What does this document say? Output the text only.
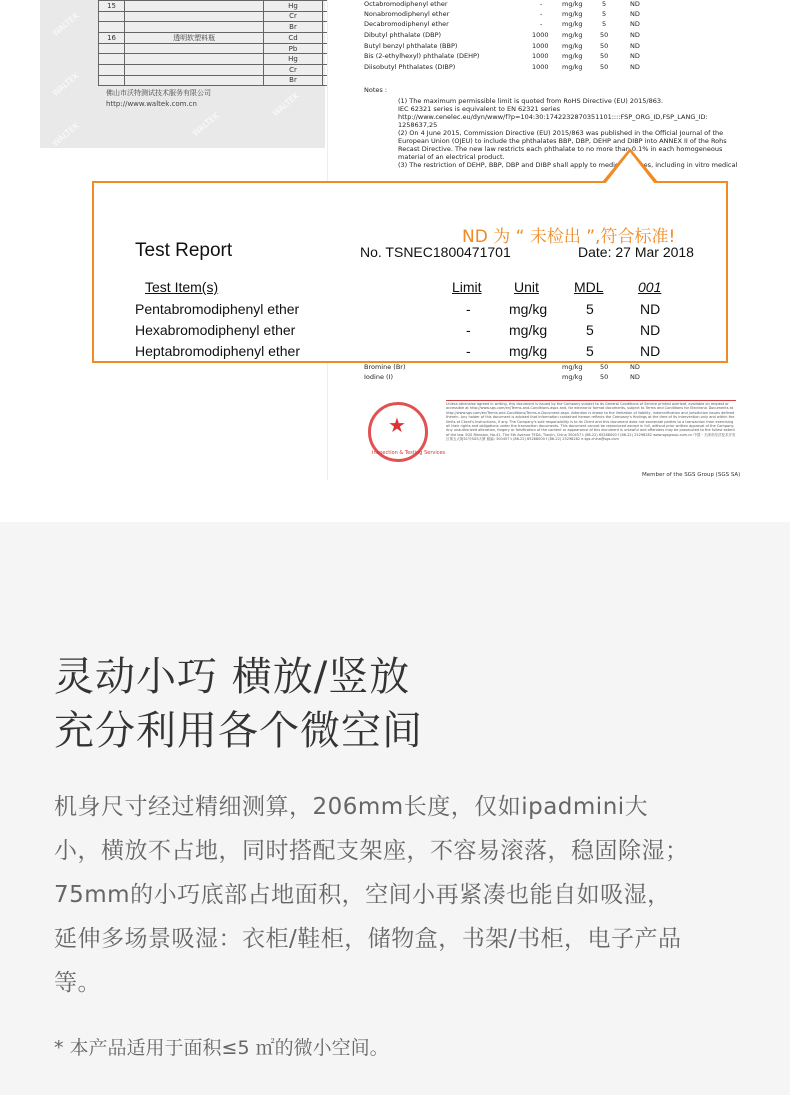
WALTEK
WALTEK
WALTEK	WALTEK
WALTEK
15		Hg	
		Cr	
		Br	
16	透明软塑料瓶	Cd	
		Pb	
		Hg	
		Cr	
		Br	
佛山市沃特测试技术服务有限公司
http://www.waltek.com.cn
Octabromodiphenyl ether	-	mg/kg	5	ND
Nonabromodiphenyl ether	-	mg/kg	5	ND
Decabromodiphenyl ether	-	mg/kg	5	ND
Dibutyl phthalate (DBP)	1000 mg/kg	50	ND
Butyl benzyl phthalate (BBP)	1000 mg/kg	50	ND
Bis (2-ethylhexyl) phthalate (DEHP)	1000 mg/kg	50	ND
Diisobutyl Phthalates (DIBP)	1000 mg/kg	50	ND
Notes :
(1) The maximum permissible limit is quoted from RoHS Directive (EU) 2015/863.
IEC 62321 series is equivalent to EN 62321 series
http://www.cenelec.eu/dyn/www/f?p=104:30:1742232870351101::::FSP_ORG_ID,FSP_LANG_ID:
1258637,25
(2) On 4 June 2015, Commission Directive (EU) 2015/863 was published in the Official Journal of the
European Union (OJEU) to include the phthalates BBP, DBP, DEHP and DIBP into ANNEX II of the Rohs
Recast Directive. The new law restricts each phthalate to no more than 0.1% in each homogeneous
material of an electrical product.
(3) The restriction of DEHP, BBP, DBP and DIBP shall apply to medical devices, including in vitro medical
Bromine (Br)	mg/kg	50	ND
Iodine (I)	mg/kg	50	ND
★
Inspection & Testing Services
Unless otherwise agreed in writing, this document is issued by the Company subject to its General Conditions of Service printed overleaf, available on request or accessible at http://www.sgs.com/en/Terms-and-Conditions.aspx and, for electronic format documents, subject to Terms and Conditions for Electronic Documents at http://www.sgs.com/en/Terms-and-Conditions/Terms-e-Document.aspx. Attention is drawn to the limitation of liability, indemnification and jurisdiction issues defined therein. Any holder of this document is advised that information contained hereon reflects the Company's findings at the time of its intervention only and within the limits of Client's instructions, if any. The Company's sole responsibility is to its Client and this document does not exonerate parties to a transaction from exercising all their rights and obligations under the transaction documents. This document cannot be reproduced except in full, without prior written approval of the Company. Any unauthorized alteration, forgery or falsification of the content or appearance of this document is unlawful and offenders may be prosecuted to the fullest extent of the law. SGS Mansion, No.41, The 5th Avenue TEDA, Tianjin, China 300457 t (86-22) 65288000 f (86-22) 25298282 www.sgsgroup.com.cn 中国・天津市经济技术开发区第五大街41号SGS大厦 邮编: 300457 t (86-22) 65288000 f (86-22) 25298282 e sgs.china@sgs.com
Member of the SGS Group (SGS SA)
ND 为 “ 未检出 ”,符合标准!
Test Report	No. TSNEC1800471701	Date: 27 Mar 2018
Test Item(s)	Limit Unit	MDL 001
Pentabromodiphenyl ether	-	mg/kg	5	ND
Hexabromodiphenyl ether	-	mg/kg	5	ND
Heptabromodiphenyl ether	-	mg/kg	5	ND
灵动小巧 横放/竖放
充分利用各个微空间

机身尺寸经过精细测算，206mm长度，仅如ipadmini大小，横放不占地，同时搭配支架座，不容易滚落，稳固除湿；75mm的小巧底部占地面积，空间小再紧凑也能自如吸湿，延伸多场景吸湿：衣柜/鞋柜，储物盒，书架/书柜，电子产品等。

* 本产品适用于面积≤5 ㎡的微小空间。
